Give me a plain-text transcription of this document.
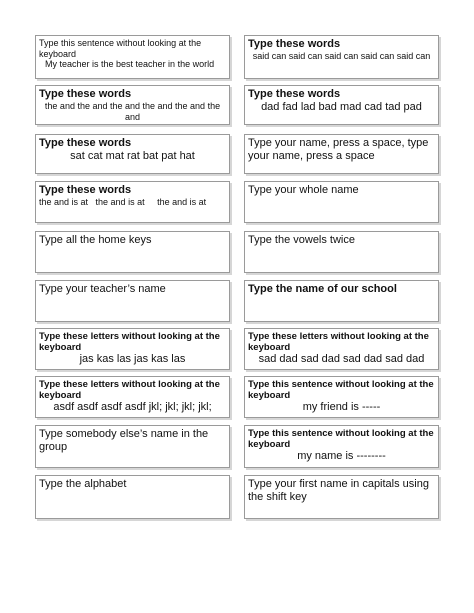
Type this sentence without looking at the keyboard
My teacher is the best teacher in the world
Type these words
said can said can said can said can said can
Type these words
the and the and the and the and the and the and
Type these words
dad fad lad bad mad cad tad pad
Type these words
sat cat mat rat bat pat hat
Type your name, press a space, type your name, press a space
Type these words
the and is at   the and is at     the and is at
Type your whole name
Type all the home keys	Type the vowels twice
Type your teacher’s name	Type the name of our school
Type these letters without looking at the keyboard
jas kas las jas kas las
Type these letters without looking at the keyboard
sad dad sad dad sad dad sad dad
Type these letters without looking at the keyboard
asdf asdf asdf asdf jkl; jkl; jkl; jkl;
Type this sentence without looking at the keyboard
my friend is -----
Type somebody else’s name in the group
Type this sentence without looking at the keyboard
my name is --------
Type the alphabet	Type your first name in capitals using the shift key
